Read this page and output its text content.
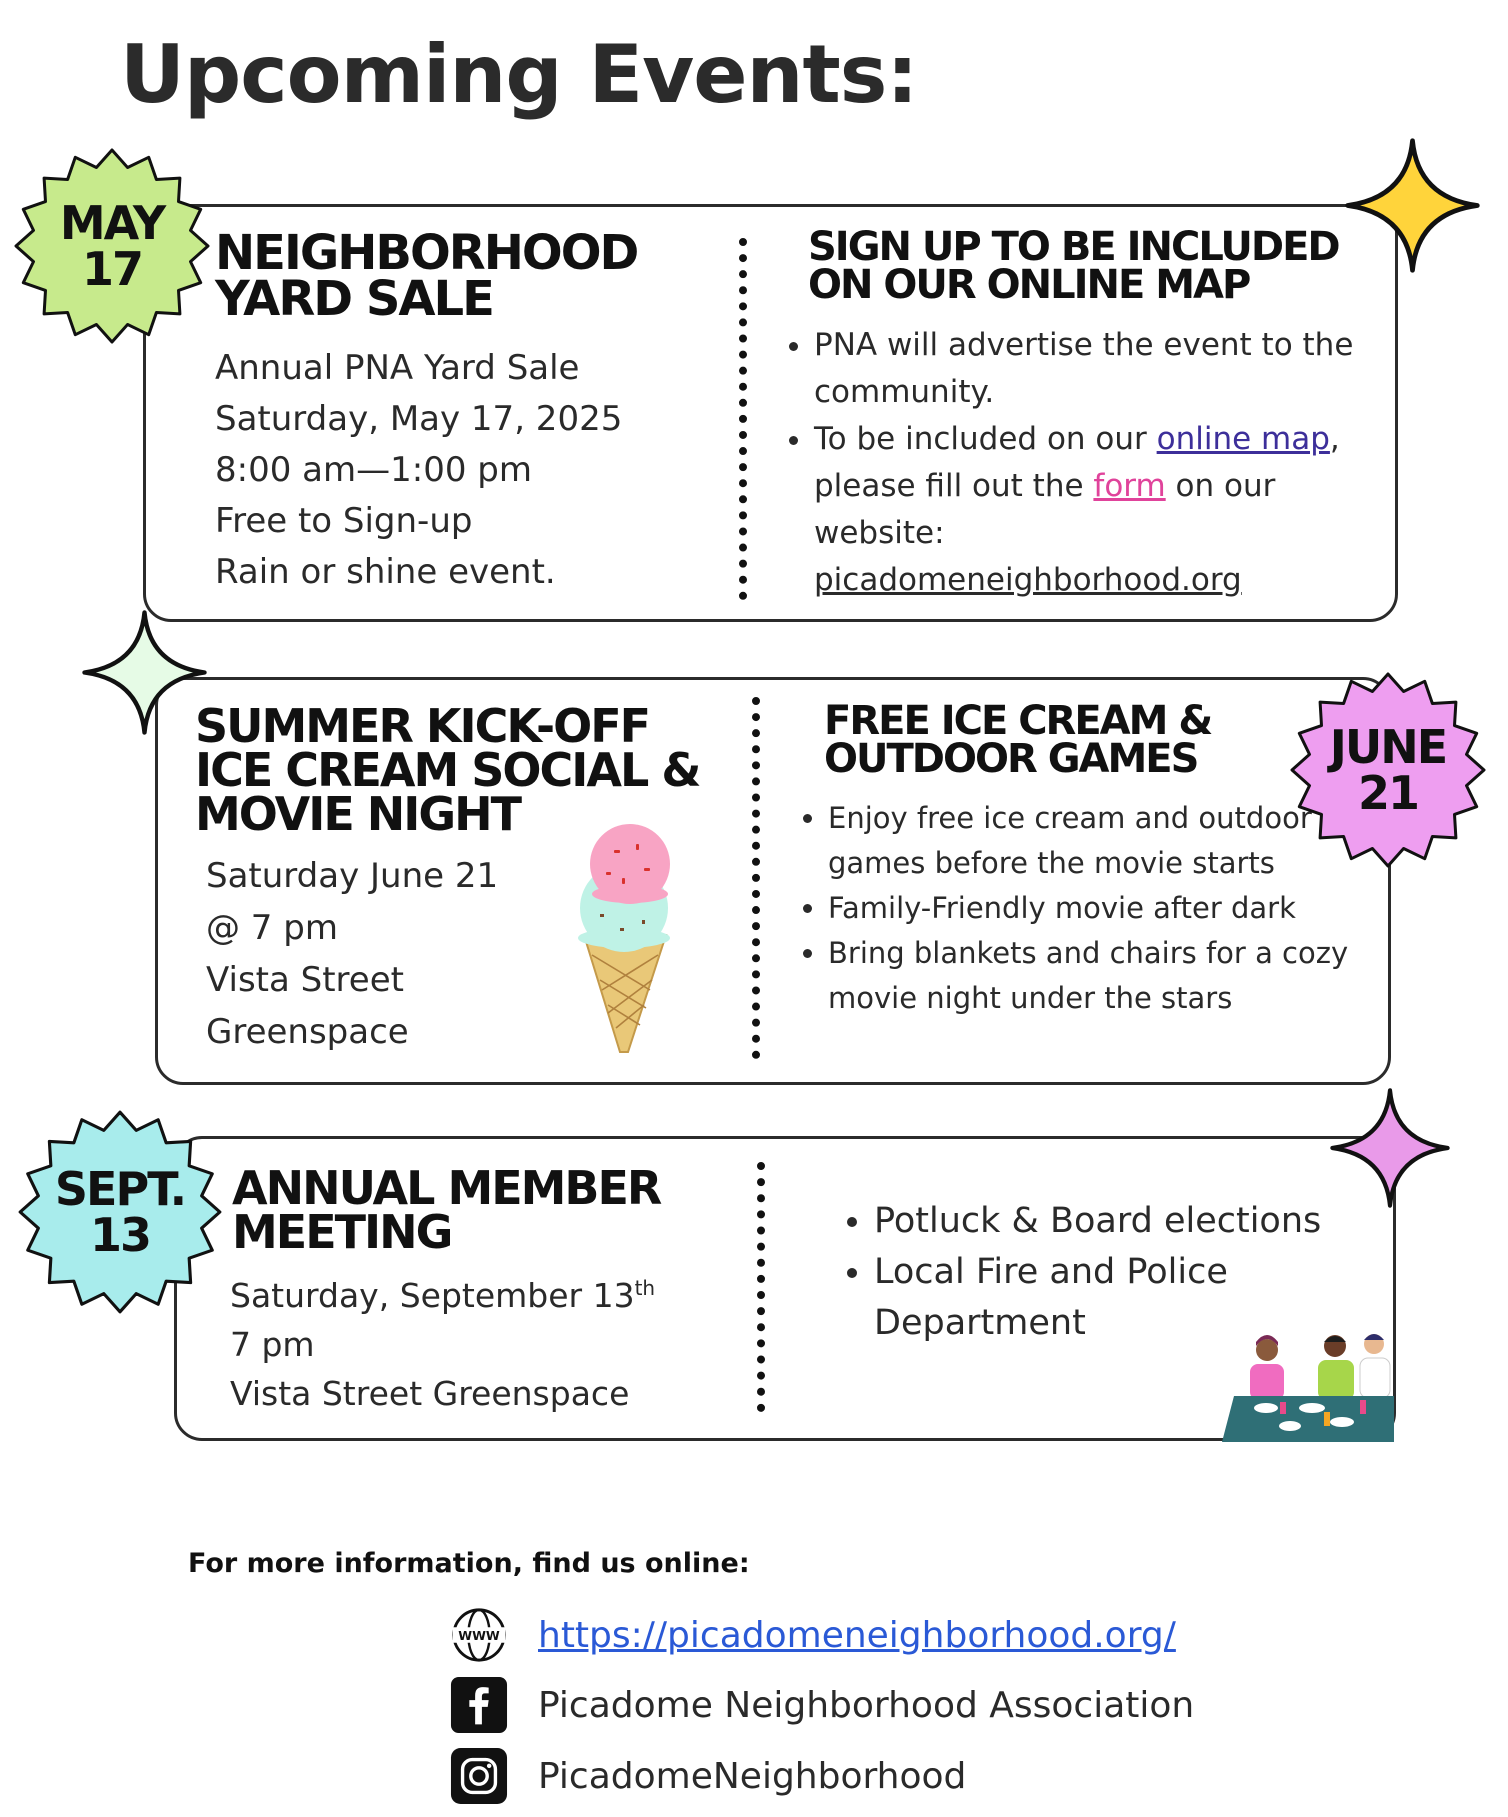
Upcoming Events:
NEIGHBORHOOD
YARD SALE
Annual PNA Yard Sale
Saturday, May 17, 2025
8:00 am—1:00 pm
Free to Sign-up
Rain or shine event.
SIGN UP TO BE INCLUDED
ON OUR ONLINE MAP
• PNA will advertise the event to the community.
• To be included on our online map, please fill out the form on our website: picadomeneighborhood.org
MAY
17
SUMMER KICK-OFF
ICE CREAM SOCIAL &
MOVIE NIGHT
Saturday June 21
@ 7 pm
Vista Street
Greenspace
FREE ICE CREAM &
OUTDOOR GAMES
• Enjoy free ice cream and outdoor games before the movie starts
• Family-Friendly movie after dark
• Bring blankets and chairs for a cozy movie night under the stars
JUNE
21
ANNUAL MEMBER
MEETING
Saturday, September 13th
7 pm
Vista Street Greenspace
• Potluck & Board elections
• Local Fire and Police Department
SEPT.
13

For more information, find us online:

WWW https://picadomeneighborhood.org/
Picadome Neighborhood Association
PicadomeNeighborhood
